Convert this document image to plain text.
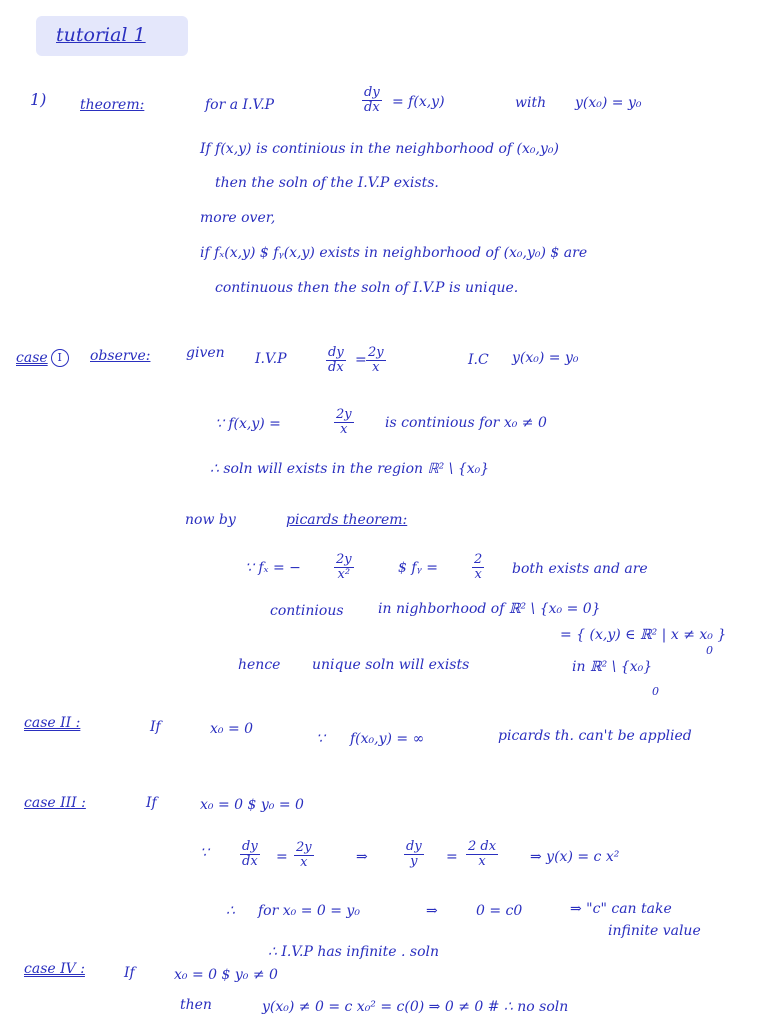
tutorial 1
1) theorem:	for a I.V.P	$\frac{dy}{dx} = f(x,y)$	with y(x₀) = y₀
If f(x,y) is continious in the neighborhood of (x₀,y₀)
then the soln of the I.V.P exists.
more over,
if fₓ(x,y) $ fᵧ(x,y) exists in neighborhood of (x₀,y₀) $ are
continuous then the soln of I.V.P is unique.
case I	observe:	given I.V.P	$\frac{dy}{dx} = \frac{2y}{x}$	I.C y(x₀) = y₀
∵ f(x,y) =	$\frac{2y}{x}$ is continious for x₀ ≠ 0
∴ soln will exists in the region ℝ² \ {x₀}
now by	picards theorem:
∵ fₓ = −	$\frac{2y}{\text{x²}}$	$ fᵧ =	$\frac{2}{x}$ both exists and are
continious in nighborhood of ℝ² \ {x₀ = 0}
= { (x,y) ∈ ℝ² | x ≠ x₀ }
0
hence unique soln will exists	in ℝ² \ {x₀}
0
case II :	If	x₀ = 0
∵ f(x₀,y) = ∞	picards th. can't be applied
case III :	If	x₀ = 0 $ y₀ = 0
∵ $\frac{dy}{dx} = \frac{2y}{x}$	⇒	$\frac{dy}{y} = \frac{2 dx}{x}$ ⇒ y(x) = c x²
∴ for x₀ = 0 = y₀	⇒	0 = c0	⇒ "c" can take
infinite value
∴ I.V.P has infinite . soln
case IV :	If	x₀ = 0 $ y₀ ≠ 0
then	y(x₀) ≠ 0 = c x₀² = c(0) ⇒ 0 ≠ 0 # ∴ no soln
